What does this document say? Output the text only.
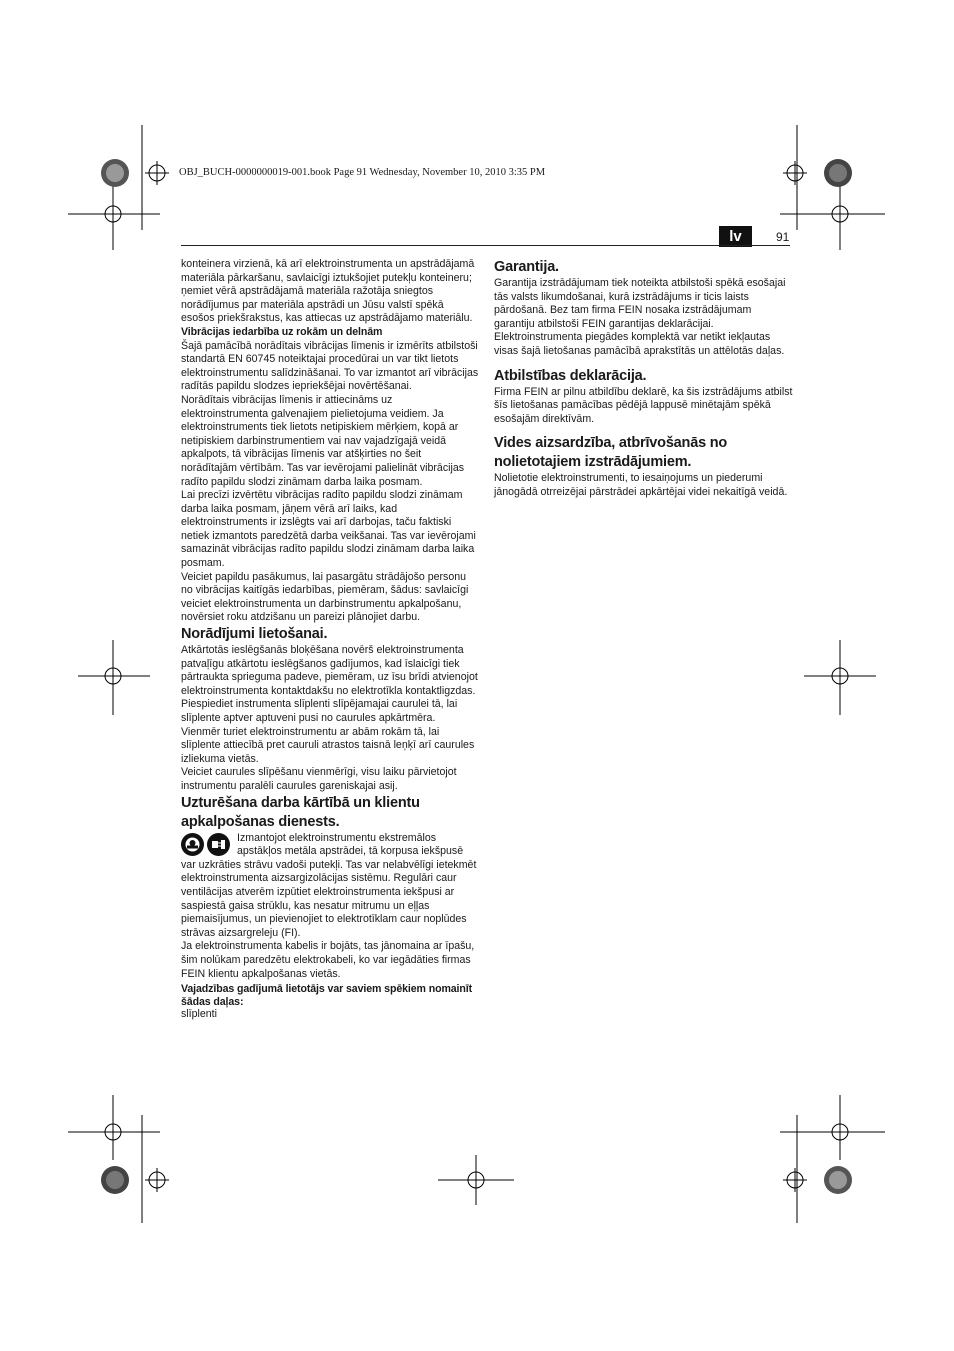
OBJ_BUCH-0000000019-001.book Page 91 Wednesday, November 10, 2010 3:35 PM
lv	91

konteinera virzienā, kā arī elektroinstrumenta un apstrādājamā materiāla pārkaršanu, savlaicīgi iztukšojiet putekļu konteineru; ņemiet vērā apstrādājamā materiāla ražotāja sniegtos norādījumus par materiāla apstrādi un Jūsu valstī spēkā esošos priekšrakstus, kas attiecas uz apstrādājamo materiālu.

Vibrācijas iedarbība uz rokām un delnām

Šajā pamācībā norādītais vibrācijas līmenis ir izmērīts atbilstoši standartā EN 60745 noteiktajai procedūrai un var tikt lietots elektroinstrumentu salīdzināšanai. To var izmantot arī vibrācijas radītās papildu slodzes iepriekšējai novērtēšanai.

Norādītais vibrācijas līmenis ir attiecināms uz elektroinstrumenta galvenajiem pielietojuma veidiem. Ja elektroinstruments tiek lietots netipiskiem mērķiem, kopā ar netipiskiem darbinstrumentiem vai nav vajadzīgajā veidā apkalpots, tā vibrācijas līmenis var atšķirties no šeit norādītajām vērtībām. Tas var ievērojami palielināt vibrācijas radīto papildu slodzi zināmam darba laika posmam.

Lai precīzi izvērtētu vibrācijas radīto papildu slodzi zināmam darba laika posmam, jāņem vērā arī laiks, kad elektroinstruments ir izslēgts vai arī darbojas, taču faktiski netiek izmantots paredzētā darba veikšanai. Tas var ievērojami samazināt vibrācijas radīto papildu slodzi zināmam darba laika posmam.

Veiciet papildu pasākumus, lai pasargātu strādājošo personu no vibrācijas kaitīgās iedarbības, piemēram, šādus: savlaicīgi veiciet elektroinstrumenta un darbinstrumentu apkalpošanu, novērsiet roku atdzišanu un pareizi plānojiet darbu.

Norādījumi lietošanai.

Atkārtotās ieslēgšanās bloķēšana novērš elektroinstrumenta patvaļīgu atkārtotu ieslēgšanos gadījumos, kad īslaicīgi tiek pārtraukta sprieguma padeve, piemēram, uz īsu brīdi atvienojot elektroinstrumenta kontaktdakšu no elektrotīkla kontaktligzdas.

Piespiediet instrumenta slīplenti slīpējamajai caurulei tā, lai slīplente aptver aptuveni pusi no caurules apkārtmēra.

Vienmēr turiet elektroinstrumentu ar abām rokām tā, lai slīplente attiecībā pret cauruli atrastos taisnā leņķī arī caurules izliekuma vietās.

Veiciet caurules slīpēšanu vienmērīgi, visu laiku pārvietojot instrumentu paralēli caurules gareniskajai asij.

Uzturēšana darba kārtībā un klientu apkalpošanas dienests.

Izmantojot elektroinstrumentu ekstremālos apstākļos metāla apstrādei, tā korpusa iekšpusē var uzkrāties strāvu vadoši putekļi. Tas var nelabvēlīgi ietekmēt elektroinstrumenta aizsargizolācijas sistēmu. Regulāri caur ventilācijas atverēm izpūtiet elektroinstrumenta iekšpusi ar saspiestā gaisa strūklu, kas nesatur mitrumu un eļļas piemaisījumus, un pievienojiet to elektrotīklam caur noplūdes strāvas aizsargreleju (FI).

Ja elektroinstrumenta kabelis ir bojāts, tas jānomaina ar īpašu, šim nolūkam paredzētu elektrokabeli, ko var iegādāties firmas FEIN klientu apkalpošanas vietās.

Vajadzības gadījumā lietotājs var saviem spēkiem nomainīt šādas daļas:

slīplenti

Garantija.

Garantija izstrādājumam tiek noteikta atbilstoši spēkā esošajai tās valsts likumdošanai, kurā izstrādājums ir ticis laists pārdošanā. Bez tam firma FEIN nosaka izstrādājumam garantiju atbilstoši FEIN garantijas deklarācijai.

Elektroinstrumenta piegādes komplektā var netikt iekļautas visas šajā lietošanas pamācībā aprakstītās un attēlotās daļas.

Atbilstības deklarācija.

Firma FEIN ar pilnu atbildību deklarē, ka šis izstrādājums atbilst šīs lietošanas pamācības pēdējā lappusē minētajām spēkā esošajām direktīvām.

Vides aizsardzība, atbrīvošanās no nolietotajiem izstrādājumiem.

Nolietotie elektroinstrumenti, to iesaiņojums un piederumi jānogādā otrreizējai pārstrādei apkārtējai videi nekaitīgā veidā.
